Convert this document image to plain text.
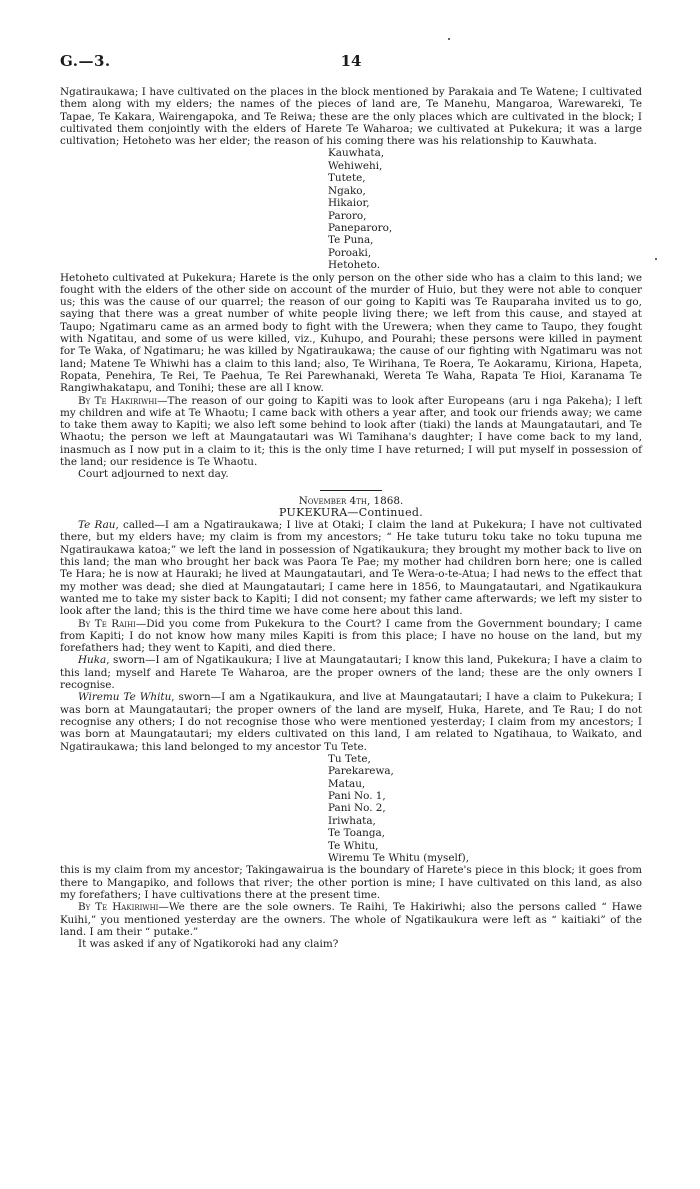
G.—3.	14

Ngatiraukawa; I have cultivated on the places in the block mentioned by Parakaia and Te Watene; I cultivated them along with my elders; the names of the pieces of land are, Te Manehu, Mangaroa, Warewareki, Te Tapae, Te Kakara, Wairengapoka, and Te Reiwa; these are the only places which are cultivated in the block; I cultivated them conjointly with the elders of Harete Te Waharoa; we cultivated at Pukekura; it was a large cultivation; Hetoheto was her elder; the reason of his coming there was his relationship to Kauwhata.

Kauwhata,
Wehiwehi,
Tutete,
Ngako,
Hikaior,
Paroro,
Paneparoro,
Te Puna,
Poroaki,
Hetoheto.

Hetoheto cultivated at Pukekura; Harete is the only person on the other side who has a claim to this land; we fought with the elders of the other side on account of the murder of Huio, but they were not able to conquer us; this was the cause of our quarrel; the reason of our going to Kapiti was Te Rauparaha invited us to go, saying that there was a great number of white people living there; we left from this cause, and stayed at Taupo; Ngatimaru came as an armed body to fight with the Urewera; when they came to Taupo, they fought with Ngatitau, and some of us were killed, viz., Kuhupo, and Pourahi; these persons were killed in payment for Te Waka, of Ngatimaru; he was killed by Ngatiraukawa; the cause of our fighting with Ngatimaru was not land; Matene Te Whiwhi has a claim to this land; also, Te Wirihana, Te Roera, Te Aokaramu, Kiriona, Hapeta, Ropata, Penehira, Te Rei, Te Paehua, Te Rei Parewhanaki, Wereta Te Waha, Rapata Te Hioi, Karanama Te Rangiwhakatapu, and Tonihi; these are all I know.

By Te Hakiriwhi—The reason of our going to Kapiti was to look after Europeans (aru i nga Pakeha); I left my children and wife at Te Whaotu; I came back with others a year after, and took our friends away; we came to take them away to Kapiti; we also left some behind to look after (tiaki) the lands at Maungatautari, and Te Whaotu; the person we left at Maungatautari was Wi Tamihana's daughter; I have come back to my land, inasmuch as I now put in a claim to it; this is the only time I have returned; I will put myself in possession of the land; our residence is Te Whaotu.

Court adjourned to next day.

November 4th, 1868.

PUKEKURA—Continued.

Te Rau, called—I am a Ngatiraukawa; I live at Otaki; I claim the land at Pukekura; I have not cultivated there, but my elders have; my claim is from my ancestors; “ He take tuturu toku take no toku tupuna me Ngatiraukawa katoa;” we left the land in possession of Ngatikaukura; they brought my mother back to live on this land; the man who brought her back was Paora Te Pae; my mother had children born here; one is called Te Hara; he is now at Hauraki; he lived at Maungatautari, and Te Wera-o-te-Atua; I had news to the effect that my mother was dead; she died at Maungatautari; I came here in 1856, to Maungatautari, and Ngatikaukura wanted me to take my sister back to Kapiti; I did not consent; my father came afterwards; we left my sister to look after the land; this is the third time we have come here about this land.

By Te Raihi—Did you come from Pukekura to the Court? I came from the Government boundary; I came from Kapiti; I do not know how many miles Kapiti is from this place; I have no house on the land, but my forefathers had; they went to Kapiti, and died there.

Huka, sworn—I am of Ngatikaukura; I live at Maungatautari; I know this land, Pukekura; I have a claim to this land; myself and Harete Te Waharoa, are the proper owners of the land; these are the only owners I recognise.

Wiremu Te Whitu, sworn—I am a Ngatikaukura, and live at Maungatautari; I have a claim to Pukekura; I was born at Maungatautari; the proper owners of the land are myself, Huka, Harete, and Te Rau; I do not recognise any others; I do not recognise those who were mentioned yesterday; I claim from my ancestors; I was born at Maungatautari; my elders cultivated on this land, I am related to Ngatihaua, to Waikato, and Ngatiraukawa; this land belonged to my ancestor Tu Tete.

Tu Tete,
Parekarewa,
Matau,
Pani No. 1,
Pani No. 2,
Iriwhata,
Te Toanga,
Te Whitu,
Wiremu Te Whitu (myself),

this is my claim from my ancestor; Takingawairua is the boundary of Harete's piece in this block; it goes from there to Mangapiko, and follows that river; the other portion is mine; I have cultivated on this land, as also my forefathers; I have cultivations there at the present time.

By Te Hakiriwhi—We there are the sole owners. Te Raihi, Te Hakiriwhi; also the persons called “ Hawe Kuihi,” you mentioned yesterday are the owners. The whole of Ngatikaukura were left as “ kaitiaki” of the land. I am their “ putake.”

It was asked if any of Ngatikoroki had any claim?
